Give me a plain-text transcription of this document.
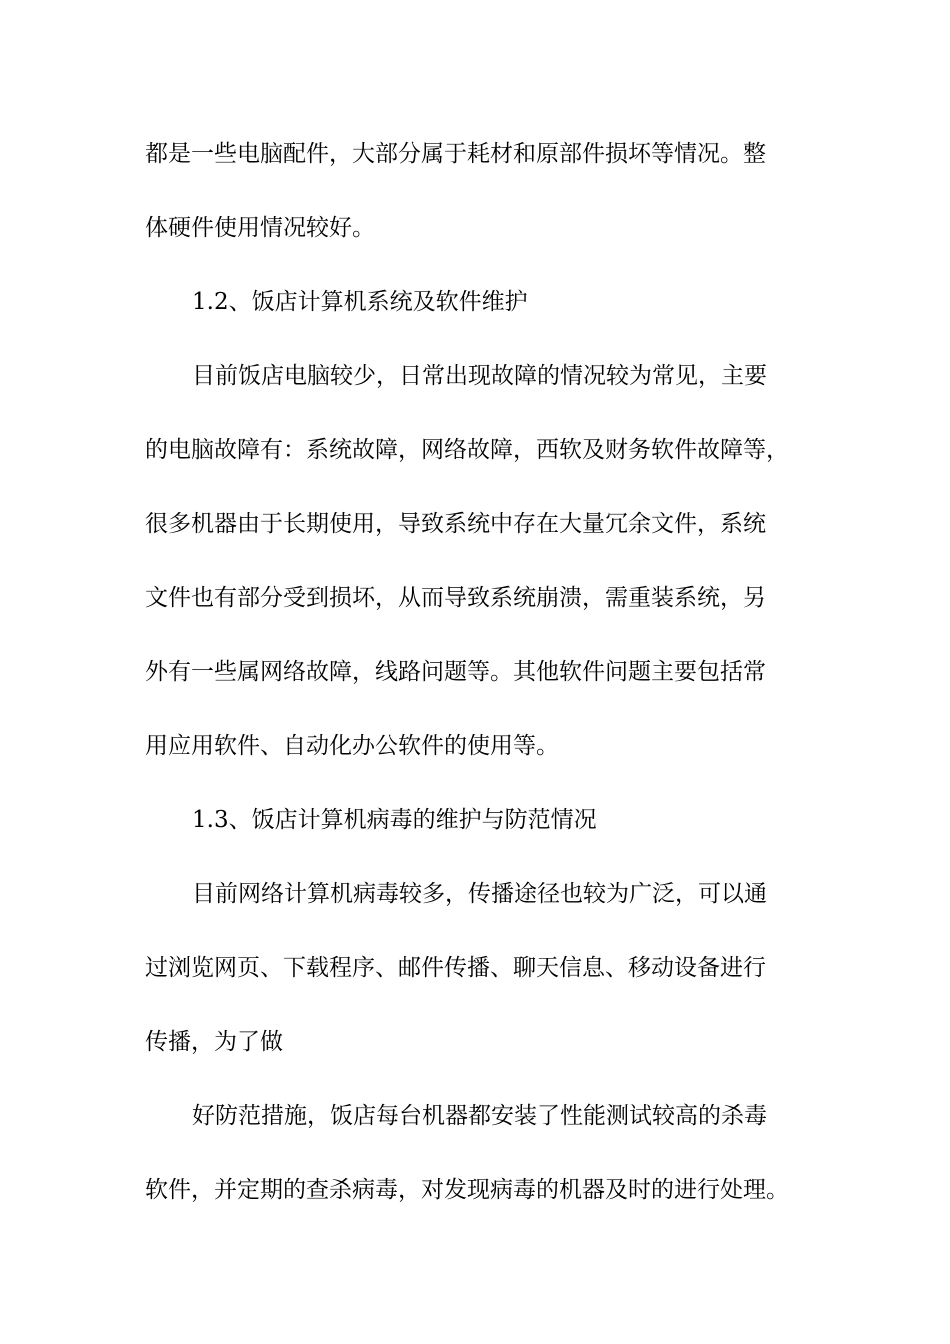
都是一些电脑配件，大部分属于耗材和原部件损坏等情况。整
体硬件使用情况较好。
1.2、饭店计算机系统及软件维护
目前饭店电脑较少，日常出现故障的情况较为常见，主要
的电脑故障有：系统故障，网络故障，西软及财务软件故障等，
很多机器由于长期使用，导致系统中存在大量冗余文件，系统
文件也有部分受到损坏，从而导致系统崩溃，需重装系统，另
外有一些属网络故障，线路问题等。其他软件问题主要包括常
用应用软件、自动化办公软件的使用等。
1.3、饭店计算机病毒的维护与防范情况
目前网络计算机病毒较多，传播途径也较为广泛，可以通
过浏览网页、下载程序、邮件传播、聊天信息、移动设备进行
传播，为了做
好防范措施，饭店每台机器都安装了性能测试较高的杀毒
软件，并定期的查杀病毒，对发现病毒的机器及时的进行处理。
